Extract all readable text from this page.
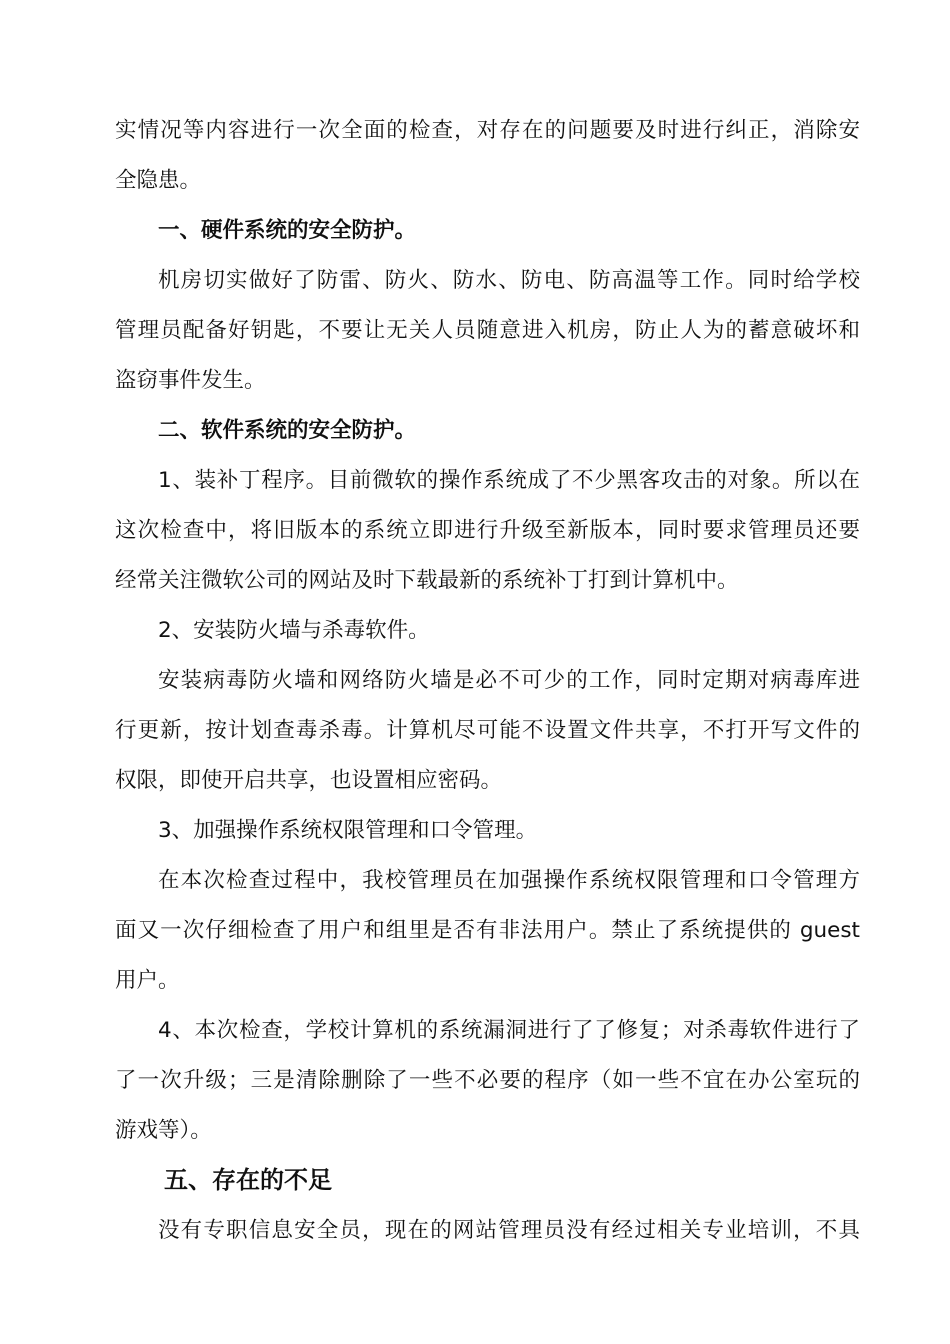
实情况等内容进行一次全面的检查，对存在的问题要及时进行纠正，消除安
全隐患。
一、硬件系统的安全防护。
机房切实做好了防雷、防火、防水、防电、防高温等工作。同时给学校
管理员配备好钥匙，不要让无关人员随意进入机房，防止人为的蓄意破坏和
盗窃事件发生。
二、软件系统的安全防护。
1、装补丁程序。目前微软的操作系统成了不少黑客攻击的对象。所以在
这次检查中，将旧版本的系统立即进行升级至新版本，同时要求管理员还要
经常关注微软公司的网站及时下载最新的系统补丁打到计算机中。
2、安装防火墙与杀毒软件。
安装病毒防火墙和网络防火墙是必不可少的工作，同时定期对病毒库进
行更新，按计划查毒杀毒。计算机尽可能不设置文件共享，不打开写文件的
权限，即使开启共享，也设置相应密码。
3、加强操作系统权限管理和口令管理。
在本次检查过程中，我校管理员在加强操作系统权限管理和口令管理方
面又一次仔细检查了用户和组里是否有非法用户。禁止了系统提供的 guest
用户。
4、本次检查，学校计算机的系统漏洞进行了了修复；对杀毒软件进行了
了一次升级；三是清除删除了一些不必要的程序（如一些不宜在办公室玩的
游戏等）。
五、存在的不足
没有专职信息安全员，现在的网站管理员没有经过相关专业培训，不具
